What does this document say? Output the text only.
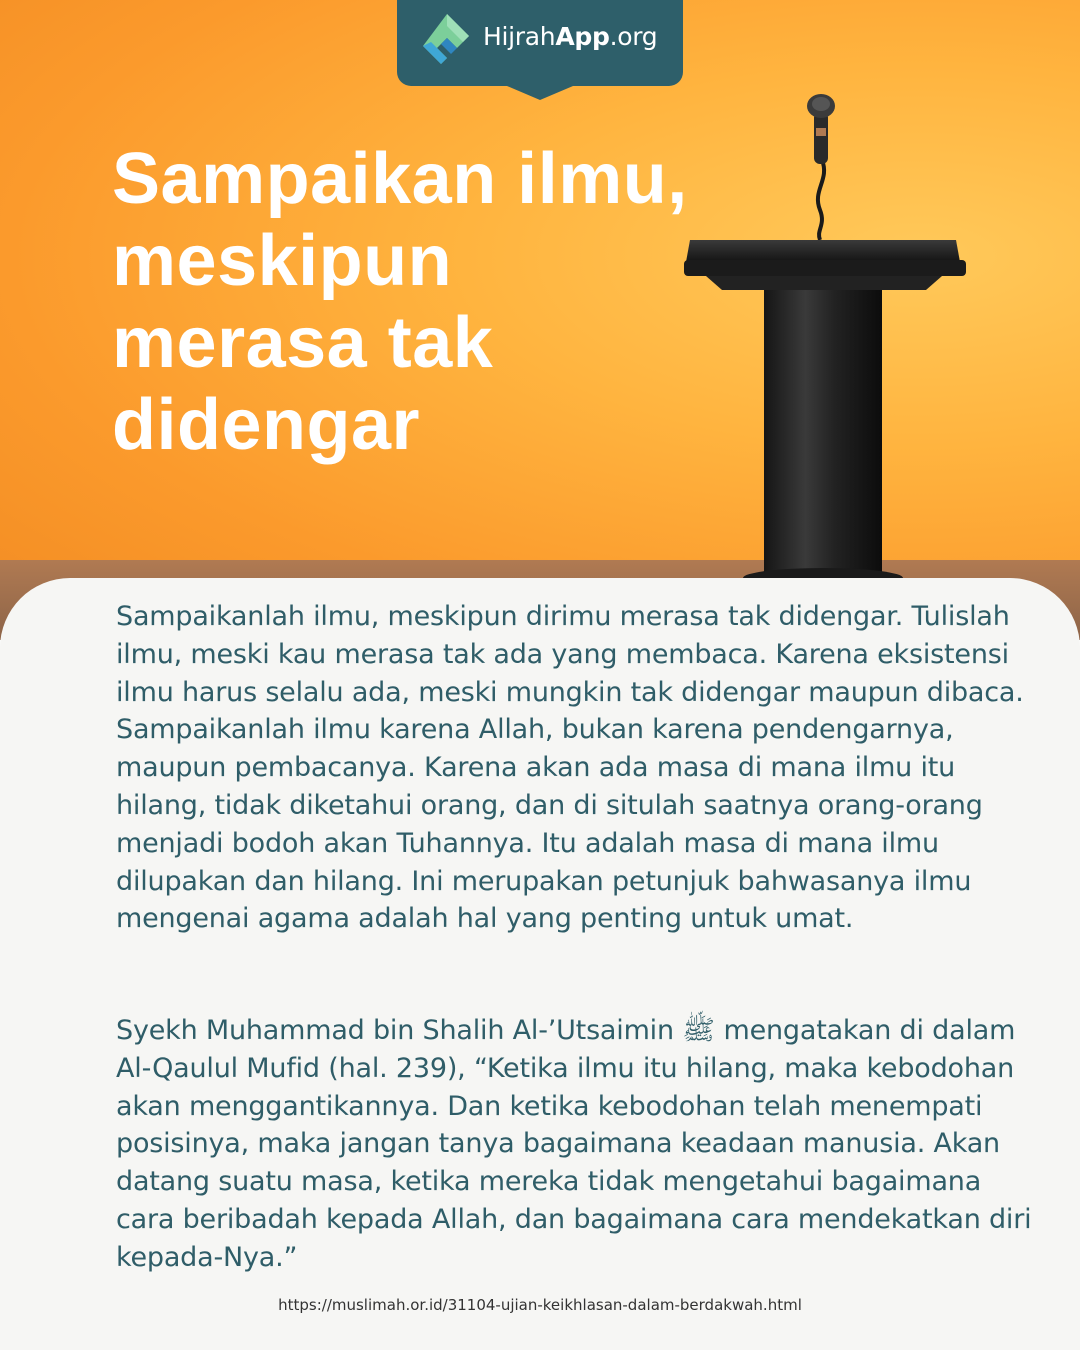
HijrahApp.org
Sampaikan ilmu, meskipun merasa tak didengar

Sampaikanlah ilmu, meskipun dirimu merasa tak didengar. Tulislah ilmu, meski kau merasa tak ada yang membaca. Karena eksistensi ilmu harus selalu ada, meski mungkin tak didengar maupun dibaca. Sampaikanlah ilmu karena Allah, bukan karena pendengarnya, maupun pembacanya. Karena akan ada masa di mana ilmu itu hilang, tidak diketahui orang, dan di situlah saatnya orang-orang menjadi bodoh akan Tuhannya. Itu adalah masa di mana ilmu dilupakan dan hilang. Ini merupakan petunjuk bahwasanya ilmu mengenai agama adalah hal yang penting untuk umat.

Syekh Muhammad bin Shalih Al-’Utsaimin ﷺ mengatakan di dalam Al-Qaulul Mufid (hal. 239), “Ketika ilmu itu hilang, maka kebodohan akan menggantikannya. Dan ketika kebodohan telah menempati posisinya, maka jangan tanya bagaimana keadaan manusia. Akan datang suatu masa, ketika mereka tidak mengetahui bagaimana cara beribadah kepada Allah, dan bagaimana cara mendekatkan diri kepada-Nya.”

https://muslimah.or.id/31104-ujian-keikhlasan-dalam-berdakwah.html
